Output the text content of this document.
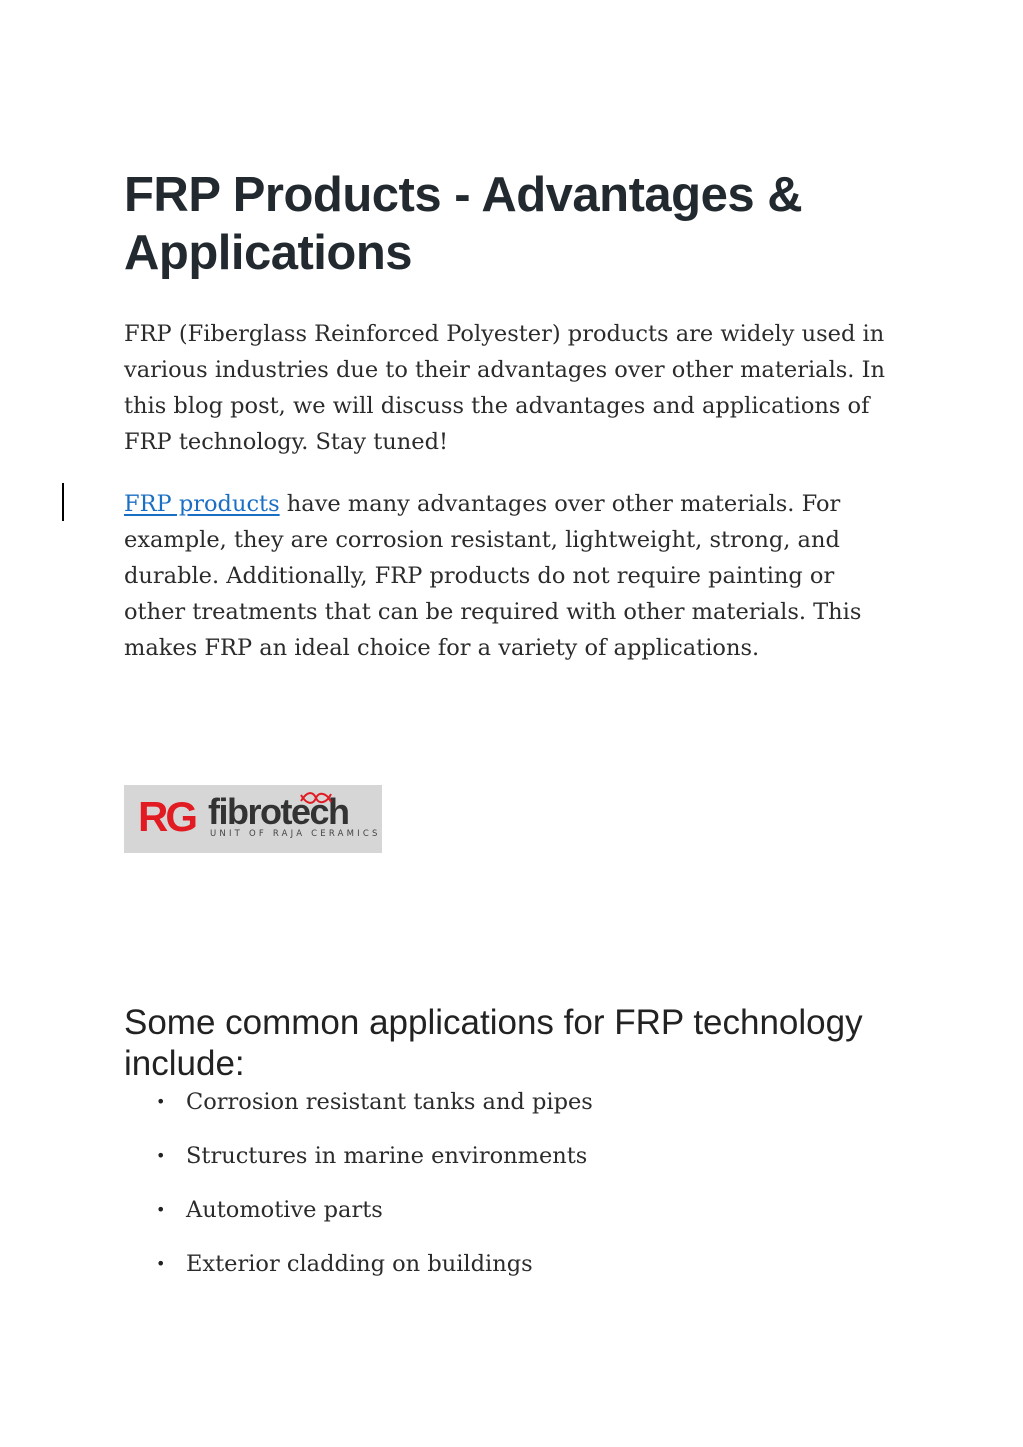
FRP Products - Advantages & Applications

FRP (Fiberglass Reinforced Polyester) products are widely used in various industries due to their advantages over other materials. In this blog post, we will discuss the advantages and applications of FRP technology. Stay tuned!

FRP products have many advantages over other materials. For example, they are corrosion resistant, lightweight, strong, and durable. Additionally, FRP products do not require painting or other treatments that can be required with other materials. This makes FRP an ideal choice for a variety of applications.

RG fibrotech
UNIT OF RAJA CERAMICS
Some common applications for FRP technology include:
• Corrosion resistant tanks and pipes
• Structures in marine environments
• Automotive parts
• Exterior cladding on buildings
